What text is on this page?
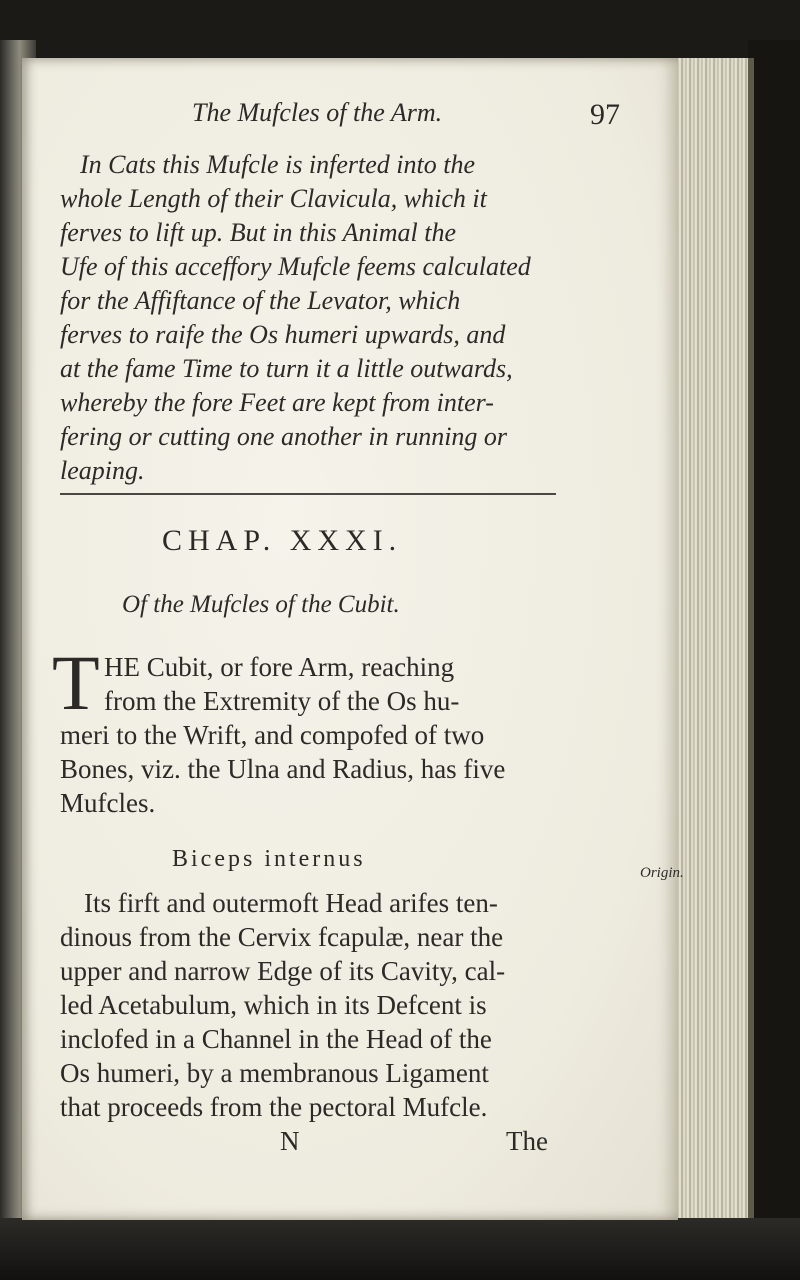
The Mufcles of the Arm.	97
In Cats this Mufcle is inferted into the
whole Length of their Clavicula, which it
ferves to lift up. But in this Animal the
Ufe of this acceffory Mufcle feems calculated
for the Affiftance of the Levator, which
ferves to raife the Os humeri upwards, and
at the fame Time to turn it a little outwards,
whereby the fore Feet are kept from inter-
fering or cutting one another in running or
leaping.
CHAP. XXXI.
Of the Mufcles of the Cubit.
T HE Cubit, or fore Arm, reaching
from the Extremity of the Os hu-
meri to the Wrift, and compofed of two
Bones, viz. the Ulna and Radius, has five
Mufcles.
Biceps internus
Its firft and outermoft Head arifes ten-
dinous from the Cervix fcapulæ, near the
upper and narrow Edge of its Cavity, cal-
led Acetabulum, which in its Defcent is
inclofed in a Channel in the Head of the
Os humeri, by a membranous Ligament
that proceeds from the pectoral Mufcle.
N	The
Origin.
